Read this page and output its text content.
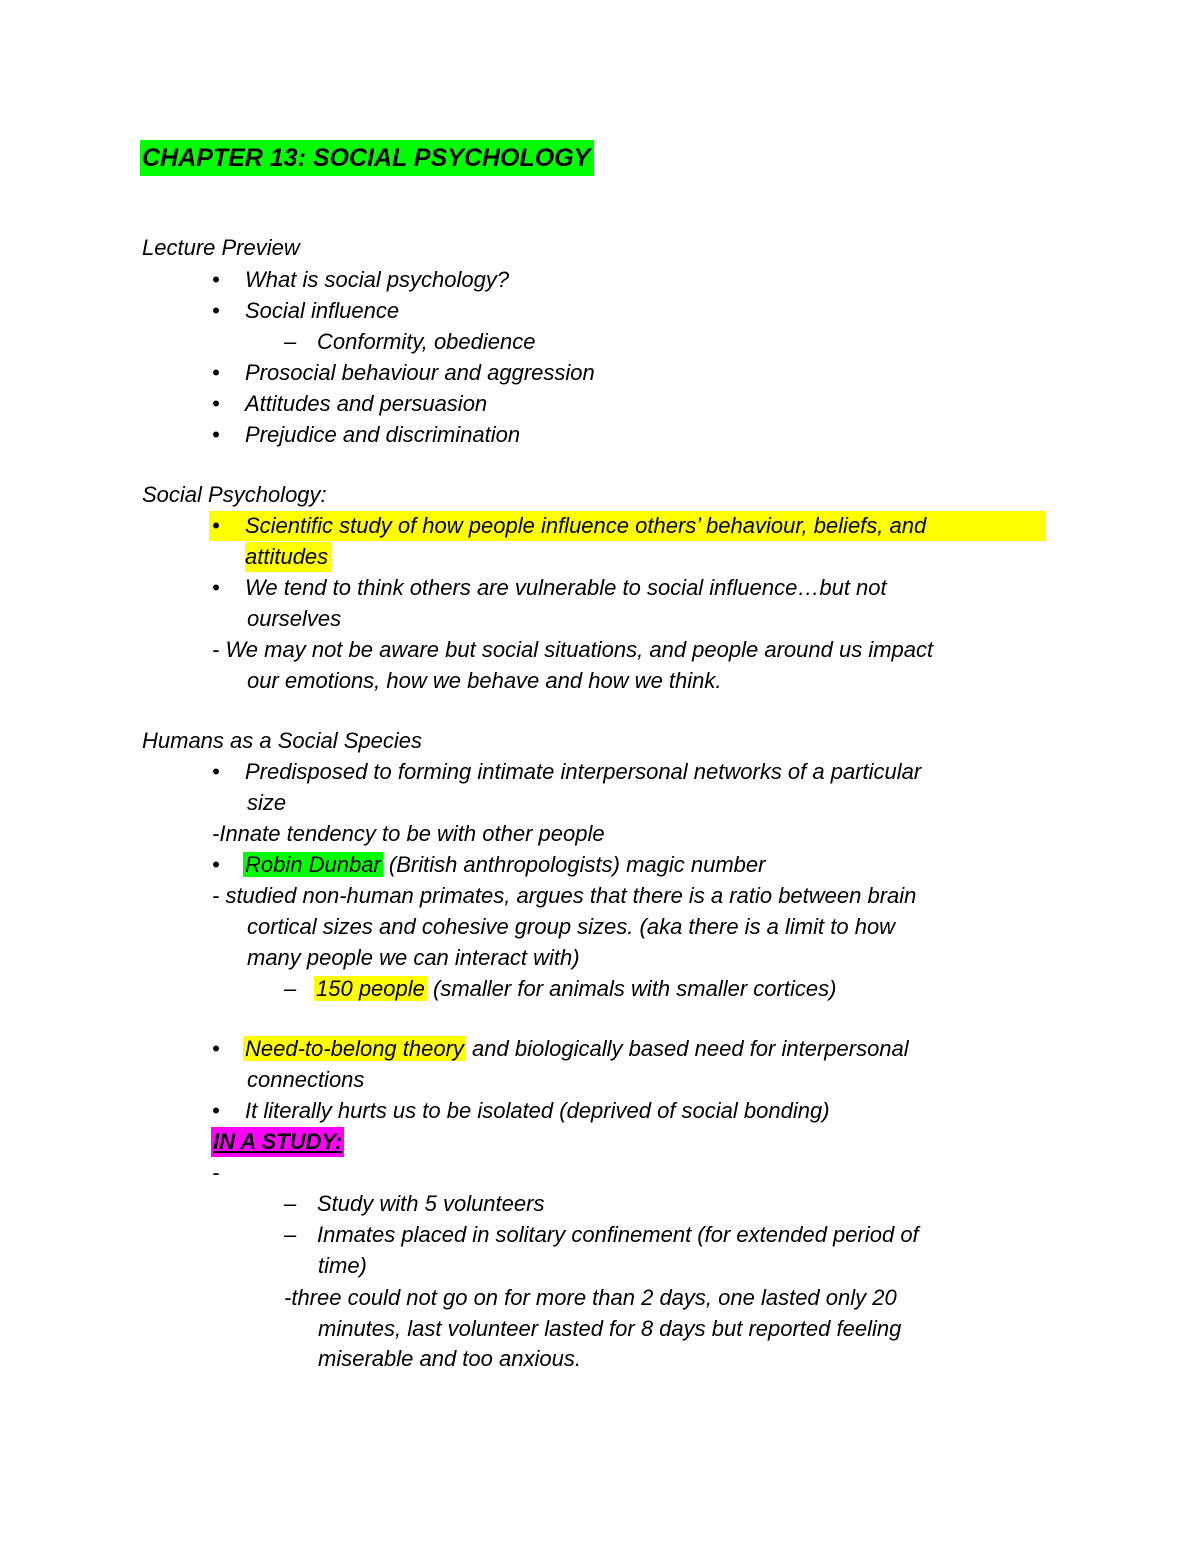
CHAPTER 13: SOCIAL PSYCHOLOGY
Lecture Preview
• What is social psychology?
• Social influence
– Conformity, obedience
• Prosocial behaviour and aggression
• Attitudes and persuasion
• Prejudice and discrimination
Social Psychology:
• Scientific study of how people influence others’ behaviour, beliefs, and
attitudes
• We tend to think others are vulnerable to social influence…but not
ourselves
- We may not be aware but social situations, and people around us impact
our emotions, how we behave and how we think.
Humans as a Social Species
• Predisposed to forming intimate interpersonal networks of a particular
size
-Innate tendency to be with other people
• Robin Dunbar (British anthropologists) magic number
- studied non-human primates, argues that there is a ratio between brain
cortical sizes and cohesive group sizes. (aka there is a limit to how
many people we can interact with)
– 150 people (smaller for animals with smaller cortices)
• Need-to-belong theory and biologically based need for interpersonal
connections
• It literally hurts us to be isolated (deprived of social bonding)
IN A STUDY:
-
– Study with 5 volunteers
– Inmates placed in solitary confinement (for extended period of
time)
-three could not go on for more than 2 days, one lasted only 20
minutes, last volunteer lasted for 8 days but reported feeling
miserable and too anxious.
